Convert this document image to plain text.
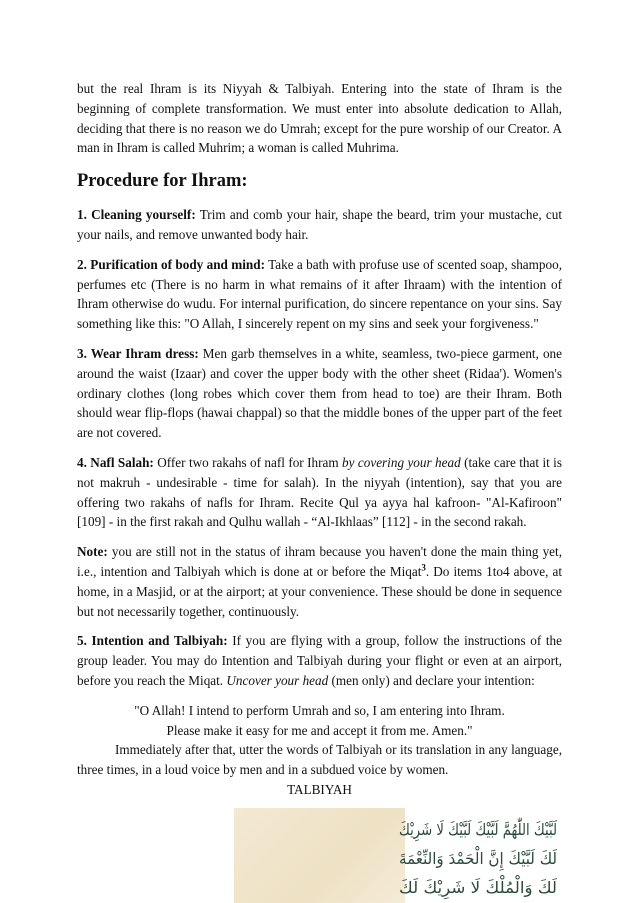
but the real Ihram is its Niyyah & Talbiyah. Entering into the state of Ihram is the beginning of complete transformation. We must enter into absolute dedication to Allah, deciding that there is no reason we do Umrah; except for the pure worship of our Creator. A man in Ihram is called Muhrim; a woman is called Muhrima.

Procedure for Ihram:

1. Cleaning yourself: Trim and comb your hair, shape the beard, trim your mustache, cut your nails, and remove unwanted body hair.

2. Purification of body and mind: Take a bath with profuse use of scented soap, shampoo, perfumes etc (There is no harm in what remains of it after Ihraam) with the intention of Ihram otherwise do wudu. For internal purification, do sincere repentance on your sins. Say something like this: "O Allah, I sincerely repent on my sins and seek your forgiveness."

3. Wear Ihram dress: Men garb themselves in a white, seamless, two-piece garment, one around the waist (Izaar) and cover the upper body with the other sheet (Ridaa'). Women's ordinary clothes (long robes which cover them from head to toe) are their Ihram. Both should wear flip-flops (hawai chappal) so that the middle bones of the upper part of the feet are not covered.

4. Nafl Salah: Offer two rakahs of nafl for Ihram by covering your head (take care that it is not makruh - undesirable - time for salah). In the niyyah (intention), say that you are offering two rakahs of nafls for Ihram. Recite Qul ya ayya hal kafroon- "Al-Kafiroon" [109] - in the first rakah and Qulhu wallah - “Al-Ikhlaas” [112] - in the second rakah.

Note: you are still not in the status of ihram because you haven't done the main thing yet, i.e., intention and Talbiyah which is done at or before the Miqat$^3$. Do items 1to4 above, at home, in a Masjid, or at the airport; at your convenience. These should be done in sequence but not necessarily together, continuously.

5. Intention and Talbiyah: If you are flying with a group, follow the instructions of the group leader. You may do Intention and Talbiyah during your flight or even at an airport, before you reach the Miqat. Uncover your head (men only) and declare your intention:

"O Allah! I intend to perform Umrah and so, I am entering into Ihram.

Please make it easy for me and accept it from me. Amen."

Immediately after that, utter the words of Talbiyah or its translation in any language, three times, in a loud voice by men and in a subdued voice by women.

TALBIYAH

لَبَّيْكَ اللّٰهُمَّ لَبَّيْكَ لَبَّيْكَ لَا شَرِيْكَ
لَكَ لَبَّيْكَ إِنَّ الْحَمْدَ وَالنِّعْمَةَ
لَكَ وَالْمُلْكَ لَا شَرِيْكَ لَكَ
